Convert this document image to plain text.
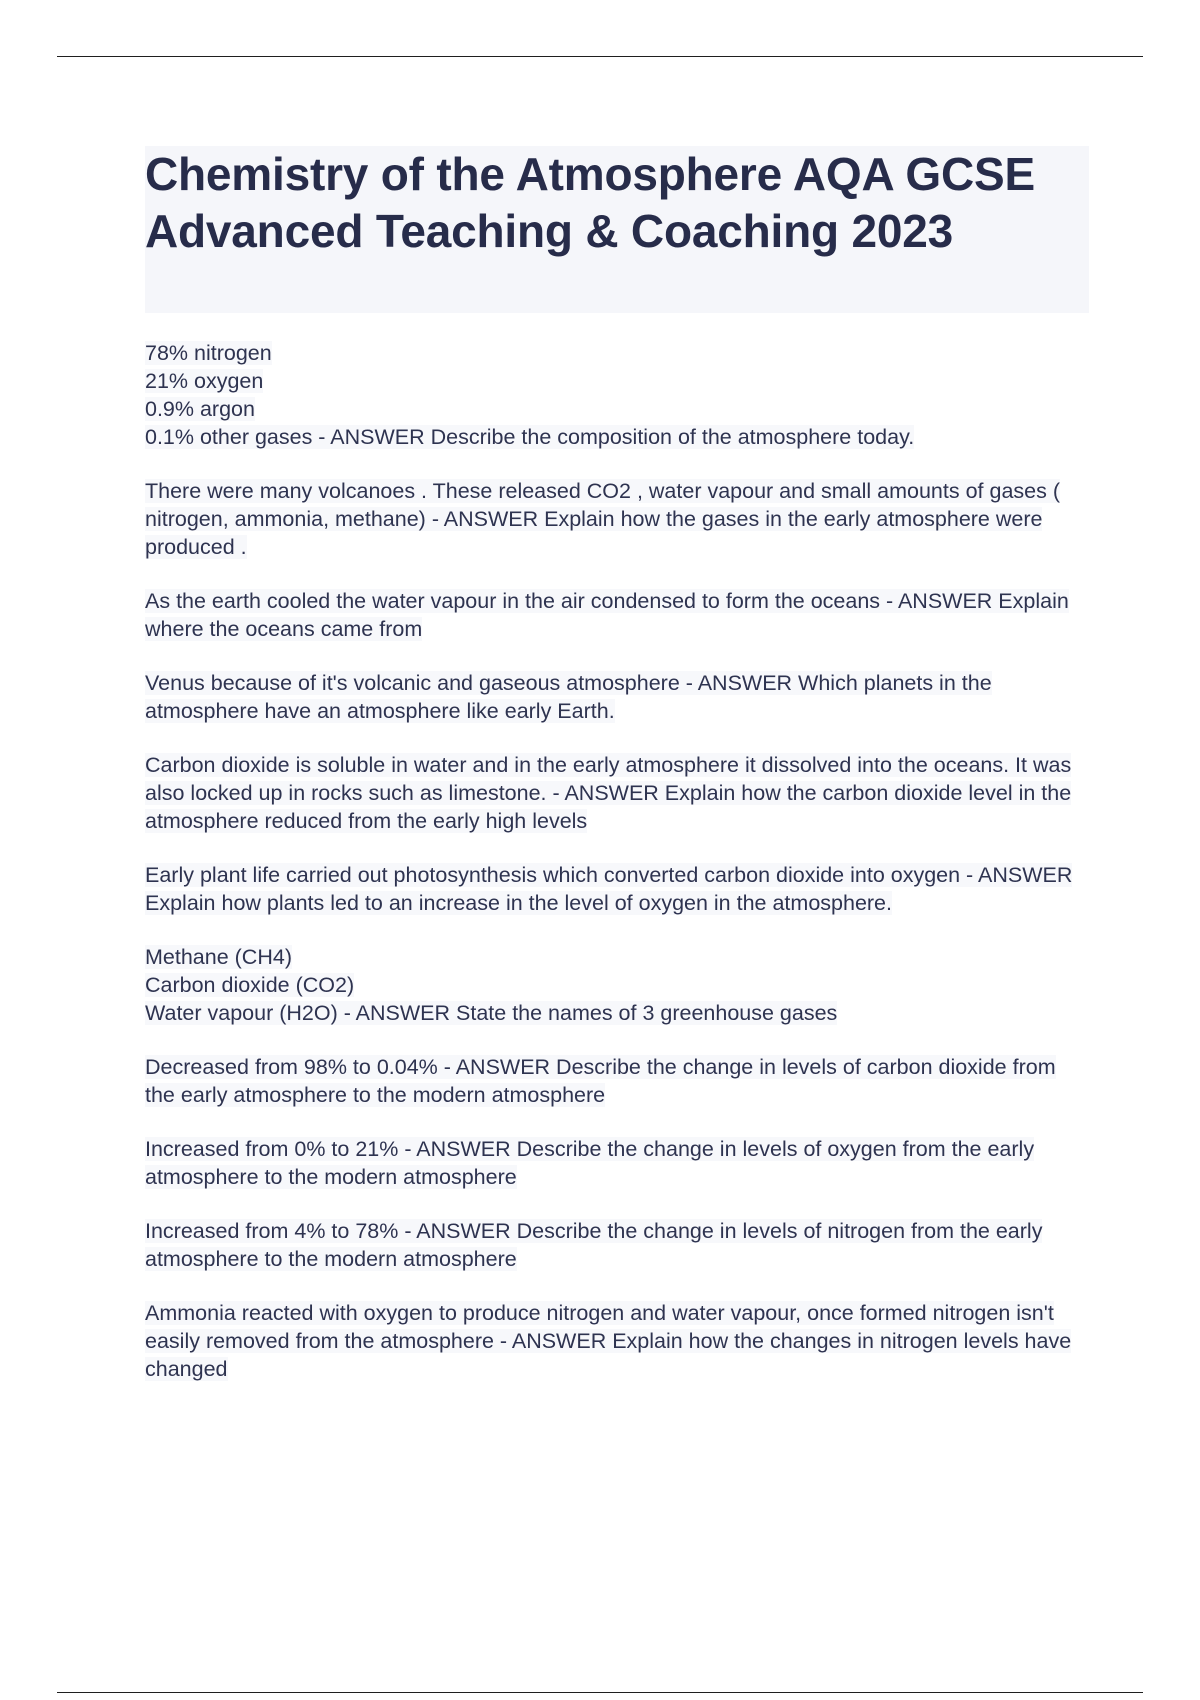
Chemistry of the Atmosphere AQA GCSE Advanced Teaching & Coaching 2023
78% nitrogen
21% oxygen
0.9% argon
0.1% other gases - ANSWER Describe the composition of the atmosphere today.
There were many volcanoes . These released CO2 , water vapour and small amounts of gases ( nitrogen, ammonia, methane) - ANSWER Explain how the gases in the early atmosphere were produced .
As the earth cooled the water vapour in the air condensed to form the oceans - ANSWER Explain where the oceans came from
Venus because of it's volcanic and gaseous atmosphere - ANSWER Which planets in the atmosphere have an atmosphere like early Earth.
Carbon dioxide is soluble in water and in the early atmosphere it dissolved into the oceans. It was also locked up in rocks such as limestone. - ANSWER Explain how the carbon dioxide level in the atmosphere reduced from the early high levels
Early plant life carried out photosynthesis which converted carbon dioxide into oxygen - ANSWER Explain how plants led to an increase in the level of oxygen in the atmosphere.
Methane (CH4)
Carbon dioxide (CO2)
Water vapour (H2O) - ANSWER State the names of 3 greenhouse gases
Decreased from 98% to 0.04% - ANSWER Describe the change in levels of carbon dioxide from the early atmosphere to the modern atmosphere
Increased from 0% to 21% - ANSWER Describe the change in levels of oxygen from the early atmosphere to the modern atmosphere
Increased from 4% to 78% - ANSWER Describe the change in levels of nitrogen from the early atmosphere to the modern atmosphere
Ammonia reacted with oxygen to produce nitrogen and water vapour, once formed nitrogen isn't easily removed from the atmosphere - ANSWER Explain how the changes in nitrogen levels have changed
